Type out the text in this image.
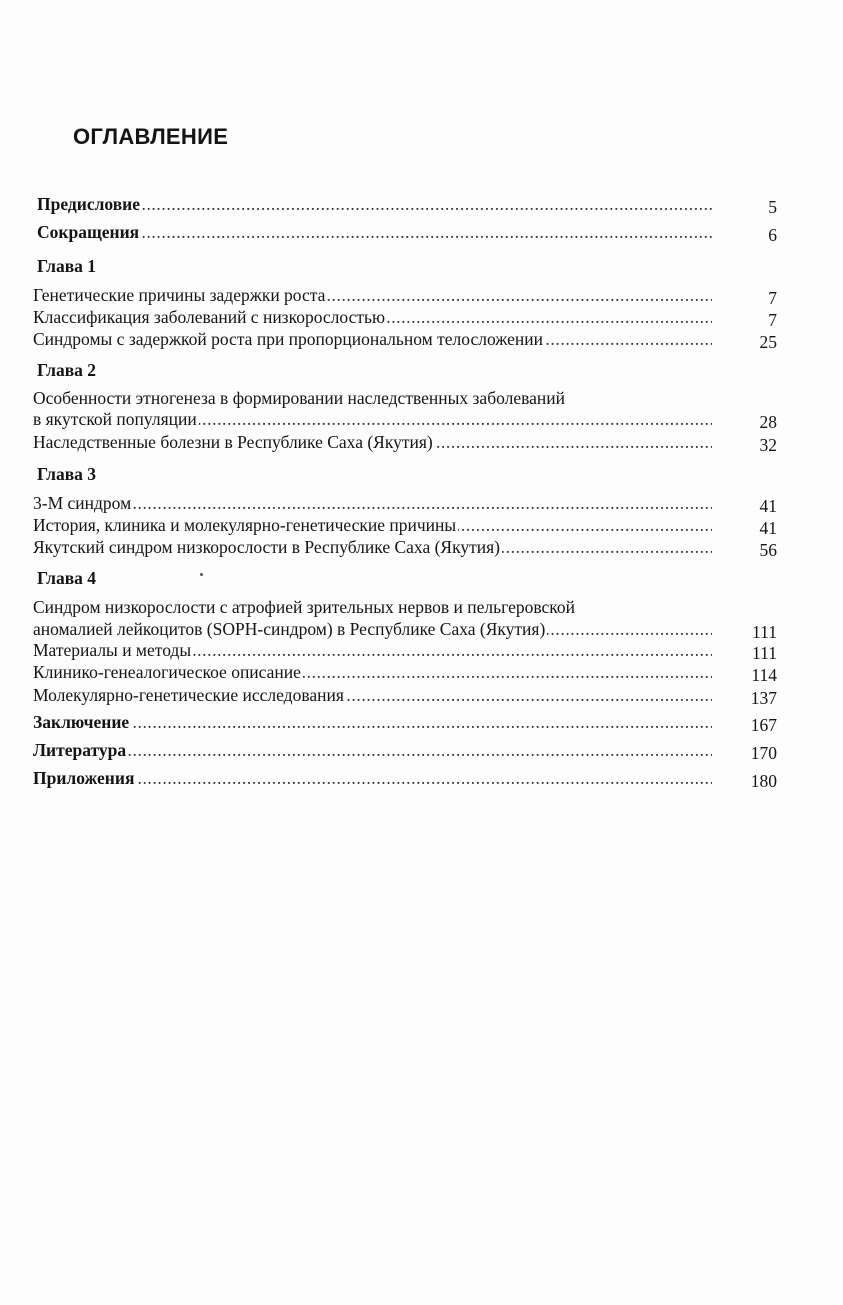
ОГЛАВЛЕНИЕ
.....
Предисловие	5
.....
Сокращения	6
Глава 1
.....
Генетические причины задержки роста	7
.....
Классификация заболеваний с низкорослостью	7
.....
Синдромы с задержкой роста при пропорциональном телосложении	25
Глава 2
Особенности этногенеза в формировании наследственных заболеваний
.....
в якутской популяции	28
.....
Наследственные болезни в Республике Саха (Якутия)	32
Глава 3
.....
3-М синдром	41
.....
История, клиника и молекулярно-генетические причины	41
.....
Якутский синдром низкорослости в Республике Саха (Якутия)	56
Глава 4
Синдром низкорослости с атрофией зрительных нервов и пельгеровской
.....
аномалией лейкоцитов (SOPH-синдром) в Республике Саха (Якутия)	111
.....
Материалы и методы	111
.....
Клинико-генеалогическое описание	114
.....
Молекулярно-генетические исследования	137
.....
Заключение	167
.....
Литература	170
.....
Приложения	180
